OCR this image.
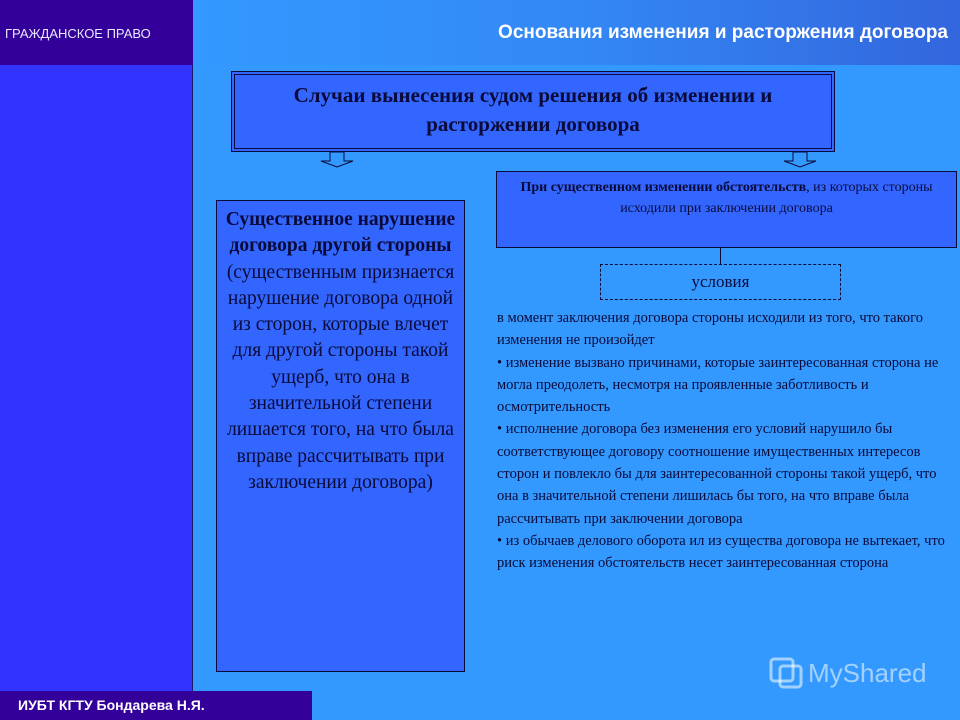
ГРАЖДАНСКОЕ ПРАВО	Основания изменения и расторжения договора
Случаи вынесения судом решения об изменении и
расторжении договора
Существенное нарушение договора другой стороны (существенным признается нарушение договора одной из сторон, которые влечет для другой стороны такой ущерб, что она в значительной степени лишается того, на что была вправе рассчитывать при заключении договора)
При существенном изменении обстоятельств, из которых стороны исходили при заключении договора
условия
в момент заключения договора стороны исходили из того, что такого изменения не произойдет
• изменение вызвано причинами, которые заинтересованная сторона не могла преодолеть, несмотря на проявленные заботливость и осмотрительность
• исполнение договора без изменения его условий нарушило бы соответствующее договору соотношение имущественных интересов сторон и повлекло бы для заинтересованной стороны такой ущерб, что она в значительной степени лишилась бы того, на что вправе была рассчитывать при заключении договора
• из обычаев делового оборота ил из существа договора не вытекает, что риск изменения обстоятельств несет заинтересованная сторона
ИУБТ КГТУ Бондарева Н.Я.
MyShared
